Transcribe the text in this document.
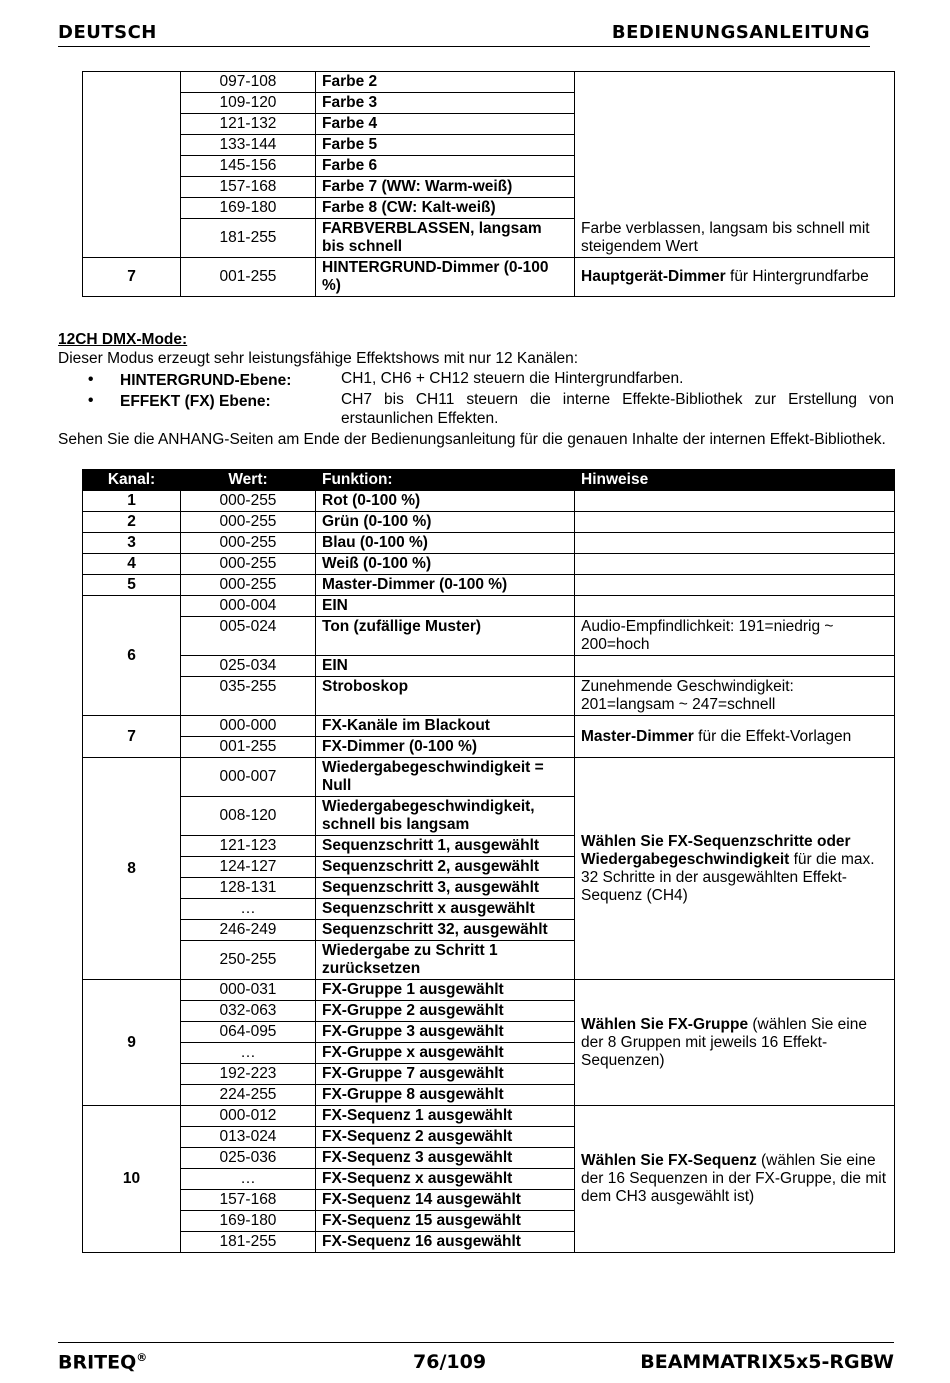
DEUTSCH	BEDIENUNGSANLEITUNG
	097-108	Farbe 2	
	109-120	Farbe 3	
	121-132	Farbe 4	
	133-144	Farbe 5	
	145-156	Farbe 6	
	157-168	Farbe 7 (WW: Warm-weiß)	
	169-180	Farbe 8 (CW: Kalt-weiß)	
	181-255	FARBVERBLASSEN, langsam bis schnell	Farbe verblassen, langsam bis schnell mit steigendem Wert
7	001-255	HINTERGRUND-Dimmer (0-100 %)	Hauptgerät-Dimmer für Hintergrundfarbe
12CH DMX-Mode:
Dieser Modus erzeugt sehr leistungsfähige Effektshows mit nur 12 Kanälen:
• HINTERGRUND-Ebene:	CH1, CH6 + CH12 steuern die Hintergrundfarben.
• EFFEKT (FX) Ebene:	CH7 bis CH11 steuern die interne Effekte-Bibliothek zur Erstellung von erstaunlichen Effekten.
Sehen Sie die ANHANG-Seiten am Ende der Bedienungsanleitung für die genauen Inhalte der internen Effekt-Bibliothek.
Kanal:	Wert:	Funktion:	Hinweise
1	000-255	Rot (0-100 %)	
2	000-255	Grün (0-100 %)	
3	000-255	Blau (0-100 %)	
4	000-255	Weiß (0-100 %)	
5	000-255	Master-Dimmer (0-100 %)	
6	000-004	EIN	
	005-024	Ton (zufällige Muster)	Audio-Empfindlichkeit: 191=niedrig ~ 200=hoch
	025-034	EIN	
	035-255	Stroboskop	Zunehmende Geschwindigkeit: 201=langsam ~ 247=schnell
7	000-000	FX-Kanäle im Blackout	Master-Dimmer für die Effekt-Vorlagen
	001-255	FX-Dimmer (0-100 %)	
8	000-007	Wiedergabegeschwindigkeit = Null	Wählen Sie FX-Sequenzschritte oder Wiedergabegeschwindigkeit für die max. 32 Schritte in der ausgewählten Effekt-Sequenz (CH4)
	008-120	Wiedergabegeschwindigkeit, schnell bis langsam	
	121-123	Sequenzschritt 1, ausgewählt	
	124-127	Sequenzschritt 2, ausgewählt	
	128-131	Sequenzschritt 3, ausgewählt	
	…	Sequenzschritt x ausgewählt	
	246-249	Sequenzschritt 32, ausgewählt	
	250-255	Wiedergabe zu Schritt 1 zurücksetzen	
9	000-031	FX-Gruppe 1 ausgewählt	Wählen Sie FX-Gruppe (wählen Sie eine der 8 Gruppen mit jeweils 16 Effekt-Sequenzen)
	032-063	FX-Gruppe 2 ausgewählt	
	064-095	FX-Gruppe 3 ausgewählt	
	…	FX-Gruppe x ausgewählt	
	192-223	FX-Gruppe 7 ausgewählt	
	224-255	FX-Gruppe 8 ausgewählt	
10	000-012	FX-Sequenz 1 ausgewählt	Wählen Sie FX-Sequenz (wählen Sie eine der 16 Sequenzen in der FX-Gruppe, die mit dem CH3 ausgewählt ist)
	013-024	FX-Sequenz 2 ausgewählt	
	025-036	FX-Sequenz 3 ausgewählt	
	…	FX-Sequenz x ausgewählt	
	157-168	FX-Sequenz 14 ausgewählt	
	169-180	FX-Sequenz 15 ausgewählt	
	181-255	FX-Sequenz 16 ausgewählt	
BRITEQ®	76/109	BEAMMATRIX5x5-RGBW
